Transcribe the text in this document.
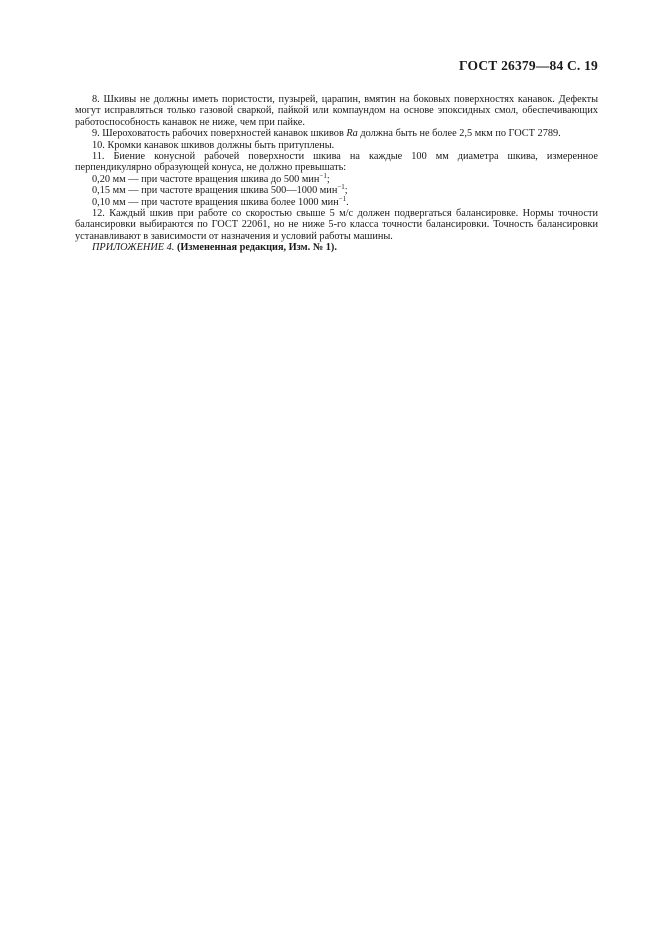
ГОСТ 26379—84 С. 19

8. Шкивы не должны иметь пористости, пузырей, царапин, вмятин на боковых поверхностях канавок. Дефекты могут исправляться только газовой сваркой, пайкой или компаундом на основе эпоксидных смол, обеспечивающих работоспособность канавок не ниже, чем при пайке.

9. Шероховатость рабочих поверхностей канавок шкивов Ra должна быть не более 2,5 мкм по ГОСТ 2789.

10. Кромки канавок шкивов должны быть притуплены.

11. Биение конусной рабочей поверхности шкива на каждые 100 мм диаметра шкива, измеренное перпендикулярно образующей конуса, не должно превышать:

0,20 мм — при частоте вращения шкива до 500 мин$^{-1}$;

0,15 мм — при частоте вращения шкива 500—1000 мин$^{-1}$;

0,10 мм — при частоте вращения шкива более 1000 мин$^{-1}$.

12. Каждый шкив при работе со скоростью свыше 5 м/с должен подвергаться балансировке. Нормы точности балансировки выбираются по ГОСТ 22061, но не ниже 5-го класса точности балансировки. Точность балансировки устанавливают в зависимости от назначения и условий работы машины.

ПРИЛОЖЕНИЕ 4. (Измененная редакция, Изм. № 1).
